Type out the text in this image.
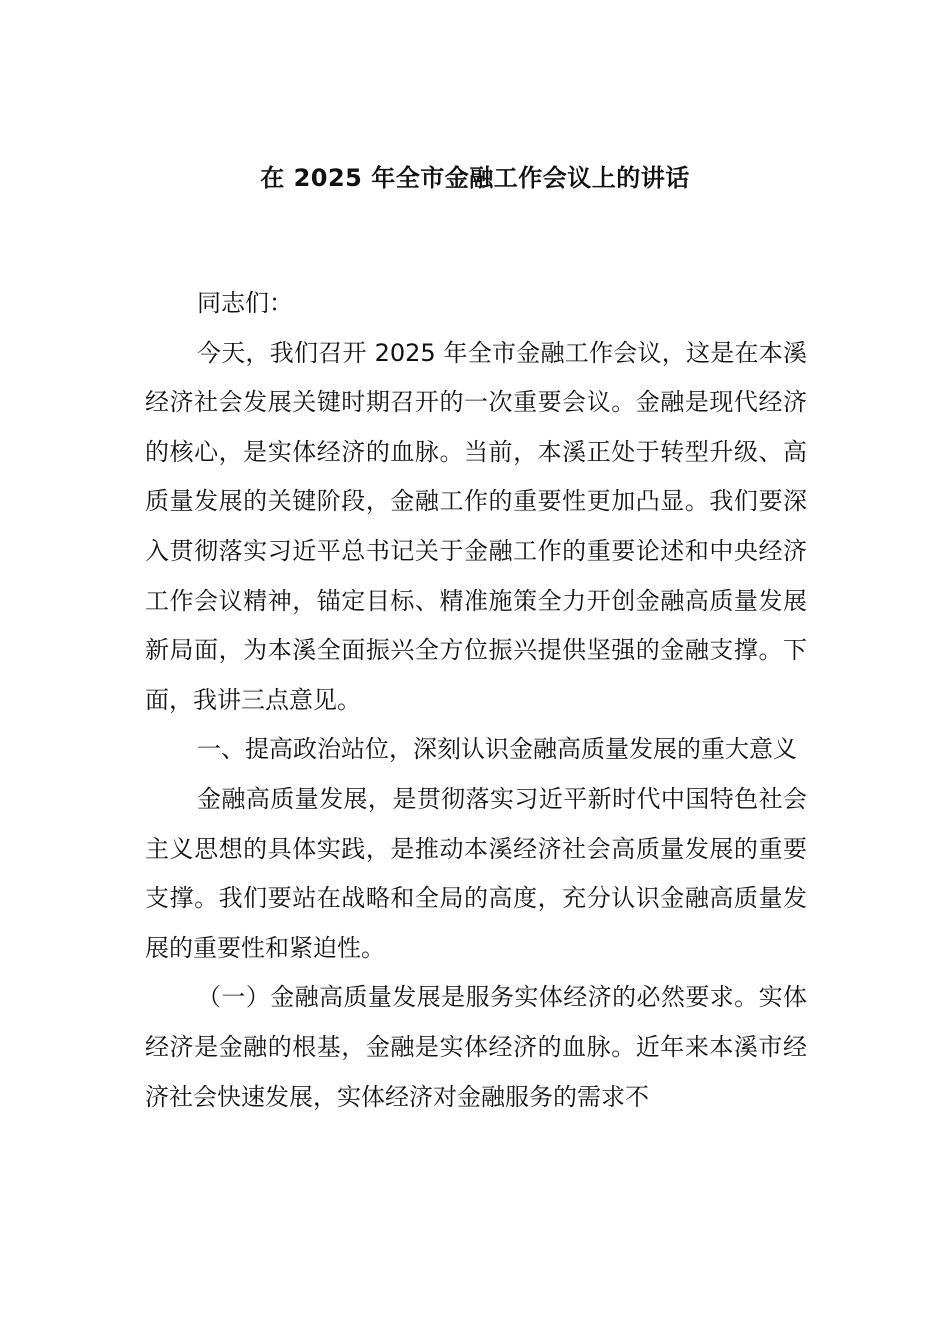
在 2025 年全市金融工作会议上的讲话

同志们：

今天，我们召开 2025 年全市金融工作会议，这是在本溪经济社会发展关键时期召开的一次重要会议。金融是现代经济的核心，是实体经济的血脉。当前，本溪正处于转型升级、高质量发展的关键阶段，金融工作的重要性更加凸显。我们要深入贯彻落实习近平总书记关于金融工作的重要论述和中央经济工作会议精神，锚定目标、精准施策全力开创金融高质量发展新局面，为本溪全面振兴全方位振兴提供坚强的金融支撑。下面，我讲三点意见。

一、提高政治站位，深刻认识金融高质量发展的重大意义

金融高质量发展，是贯彻落实习近平新时代中国特色社会主义思想的具体实践，是推动本溪经济社会高质量发展的重要支撑。我们要站在战略和全局的高度，充分认识金融高质量发展的重要性和紧迫性。

（一）金融高质量发展是服务实体经济的必然要求。实体经济是金融的根基，金融是实体经济的血脉。近年来本溪市经济社会快速发展，实体经济对金融服务的需求不
